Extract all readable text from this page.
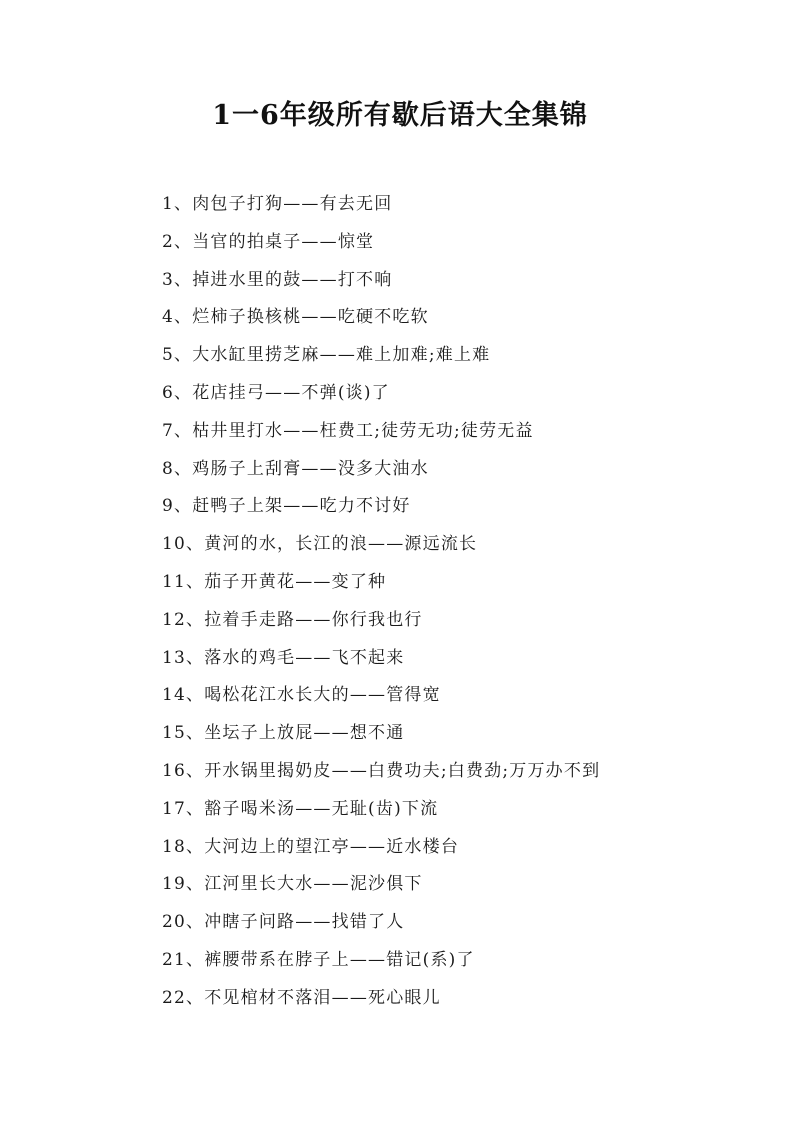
1一6年级所有歇后语大全集锦
1、肉包子打狗——有去无回
2、当官的拍桌子——惊堂
3、掉进水里的鼓——打不响
4、烂柿子换核桃——吃硬不吃软
5、大水缸里捞芝麻——难上加难;难上难
6、花店挂弓——不弹(谈)了
7、枯井里打水——枉费工;徒劳无功;徒劳无益
8、鸡肠子上刮膏——没多大油水
9、赶鸭子上架——吃力不讨好
10、黄河的水，长江的浪——源远流长
11、茄子开黄花——变了种
12、拉着手走路——你行我也行
13、落水的鸡毛——飞不起来
14、喝松花江水长大的——管得宽
15、坐坛子上放屁——想不通
16、开水锅里揭奶皮——白费功夫;白费劲;万万办不到
17、豁子喝米汤——无耻(齿)下流
18、大河边上的望江亭——近水楼台
19、江河里长大水——泥沙俱下
20、冲瞎子问路——找错了人
21、裤腰带系在脖子上——错记(系)了
22、不见棺材不落泪——死心眼儿
